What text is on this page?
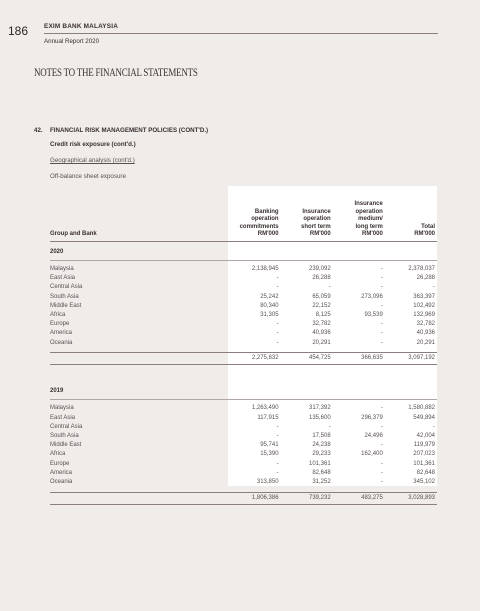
186 EXIM BANK MALAYSIA
Annual Report 2020
NOTES TO THE FINANCIAL STATEMENTS
42. FINANCIAL RISK MANAGEMENT POLICIES (CONT'D.)
Credit risk exposure (cont'd.)
Geographical analysis (cont'd.)
Off-balance sheet exposure
Group and Bank	Banking
operation
commitments
RM'000	Insurance
operation
short term
RM'000	Insurance
operation
medium/
long term
RM'000	Total
RM'000
2020				

Malaysia	2,138,945	239,092	-	2,378,037
East Asia	-	26,288	-	26,288
Central Asia	-	-	-	-
South Asia	25,242	65,059	273,096	363,397
Middle East	80,340	22,152	-	102,492
Africa	31,305	8,125	93,539	132,969
Europe	-	32,782	-	32,782
America	-	40,936	-	40,936
Oceania	-	20,291	-	20,291

	2,275,832	454,725	366,635	3,097,192

2019				

Malaysia	1,263,490	317,392	-	1,580,882
East Asia	117,915	135,600	296,379	549,894
Central Asia	-	-	-	-
South Asia	-	17,508	24,496	42,004
Middle East	95,741	24,238	-	119,979
Africa	15,390	29,233	162,400	207,023
Europe	-	101,361	-	101,361
America	-	82,648	-	82,648
Oceania	313,850	31,252	-	345,102

	1,806,386	739,232	483,275	3,028,893
